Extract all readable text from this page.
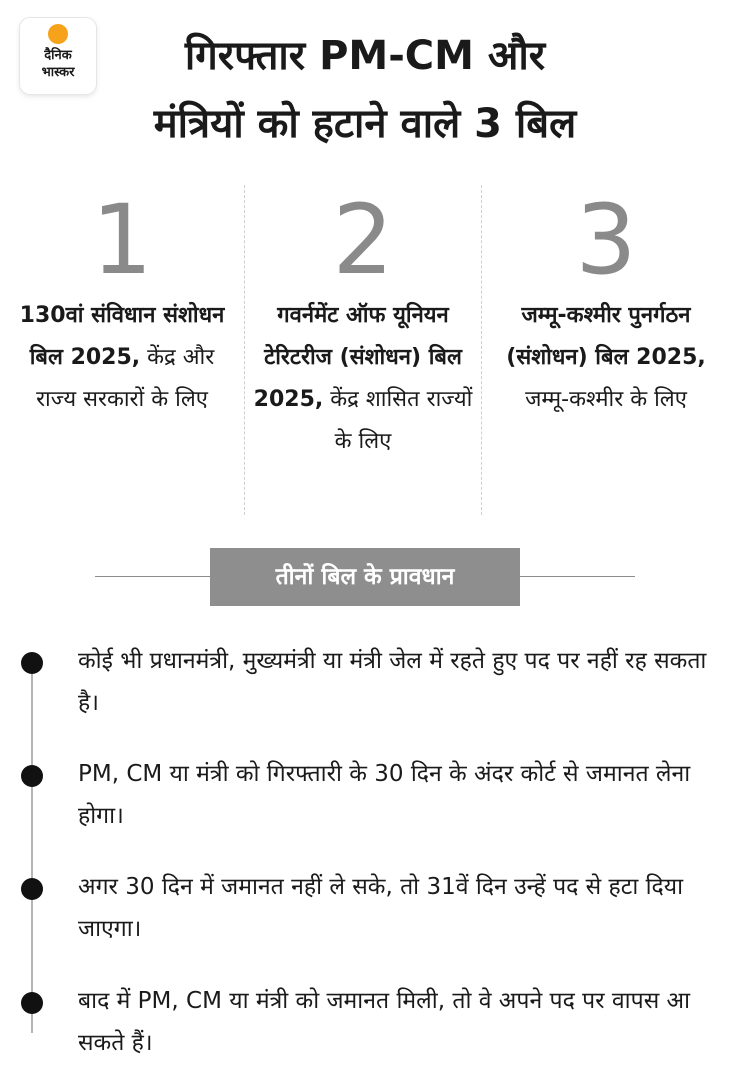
दैनिक
भास्कर	गिरफ्तार PM-CM और
मंत्रियों को हटाने वाले 3 बिल
1
130वां संविधान संशोधन बिल 2025, केंद्र और राज्य सरकारों के लिए
2
गवर्नमेंट ऑफ यूनियन टेरिटरीज (संशोधन) बिल 2025, केंद्र शासित राज्यों के लिए
3
जम्मू-कश्मीर पुनर्गठन (संशोधन) बिल 2025, जम्मू-कश्मीर के लिए
तीनों बिल के प्रावधान
कोई भी प्रधानमंत्री, मुख्यमंत्री या मंत्री जेल में रहते हुए पद पर नहीं रह सकता है।
PM, CM या मंत्री को गिरफ्तारी के 30 दिन के अंदर कोर्ट से जमानत लेना होगा।
अगर 30 दिन में जमानत नहीं ले सके, तो 31वें दिन उन्हें पद से हटा दिया जाएगा।
बाद में PM, CM या मंत्री को जमानत मिली, तो वे अपने पद पर वापस आ सकते हैं।
